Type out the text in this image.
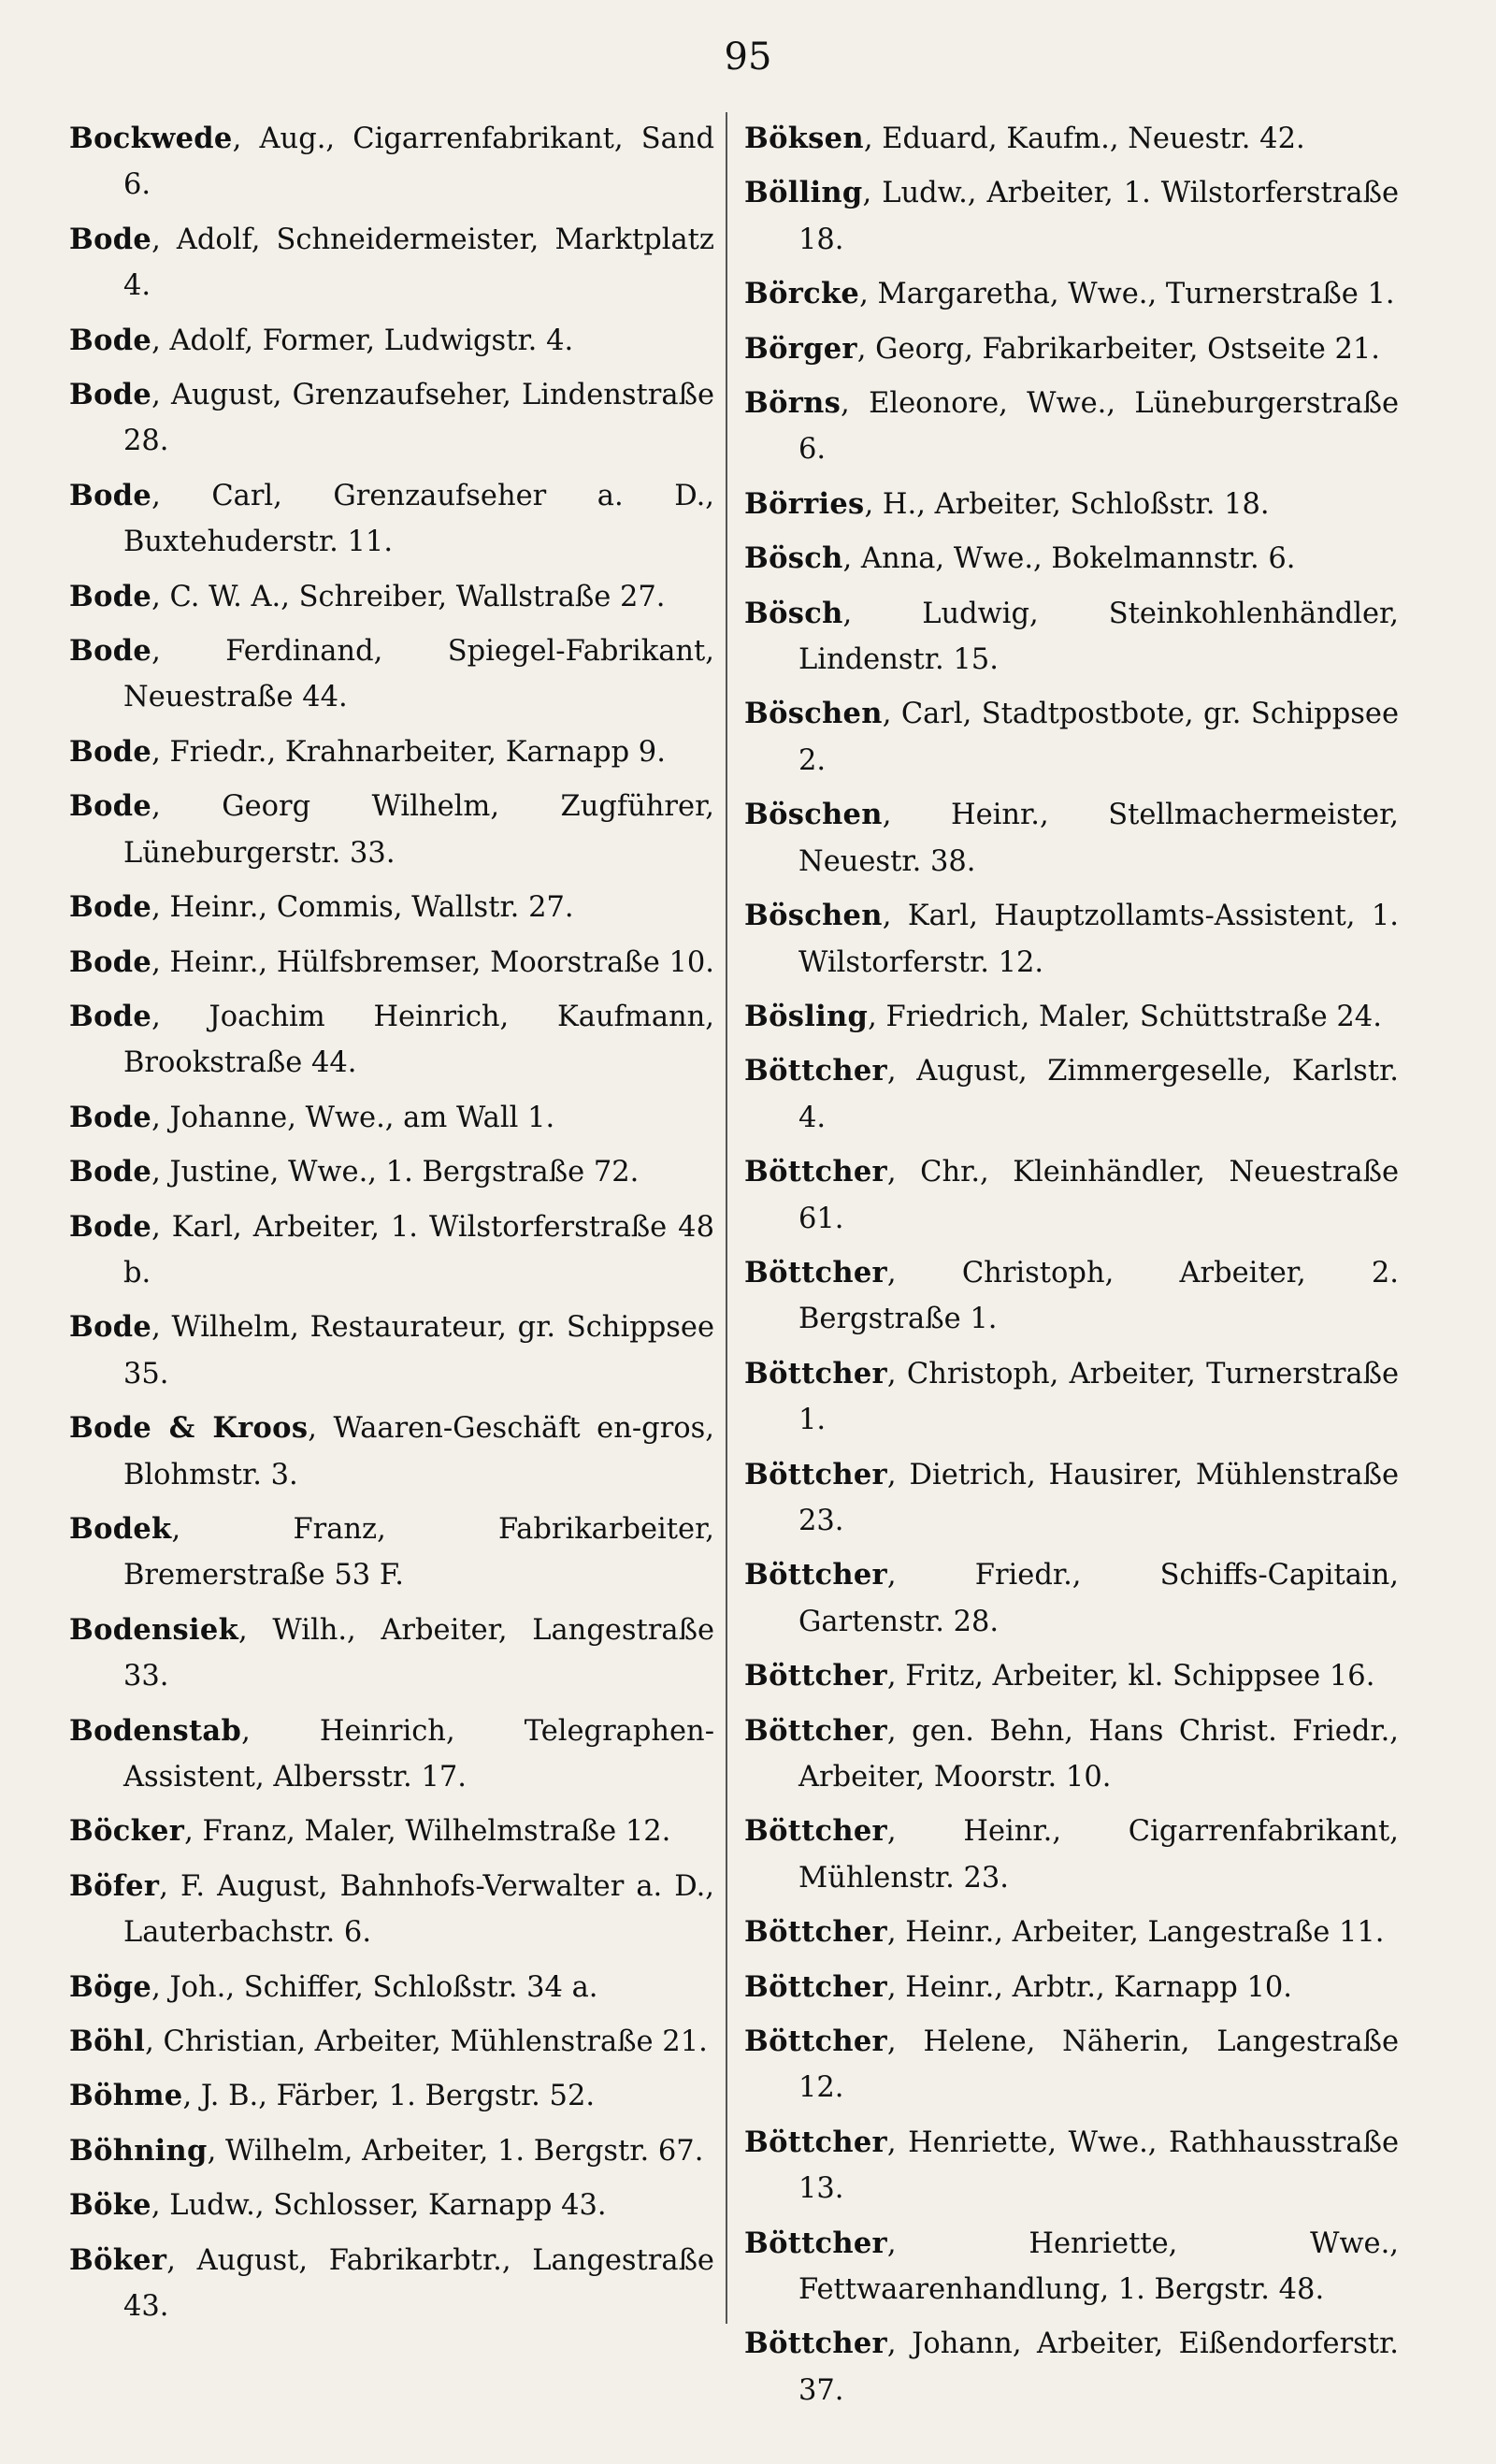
95

Bockwede, Aug., Cigarrenfabrikant, Sand 6.

Bode, Adolf, Schneidermeister, Marktplatz 4.

Bode, Adolf, Former, Ludwigstr. 4.

Bode, August, Grenzaufseher, Lindenstraße 28.

Bode, Carl, Grenzaufseher a. D., Buxtehuderstr. 11.

Bode, C. W. A., Schreiber, Wallstraße 27.

Bode, Ferdinand, Spiegel-Fabrikant, Neuestraße 44.

Bode, Friedr., Krahnarbeiter, Karnapp 9.

Bode, Georg Wilhelm, Zugführer, Lüneburgerstr. 33.

Bode, Heinr., Commis, Wallstr. 27.

Bode, Heinr., Hülfsbremser, Moorstraße 10.

Bode, Joachim Heinrich, Kaufmann, Brookstraße 44.

Bode, Johanne, Wwe., am Wall 1.

Bode, Justine, Wwe., 1. Bergstraße 72.

Bode, Karl, Arbeiter, 1. Wilstorferstraße 48 b.

Bode, Wilhelm, Restaurateur, gr. Schippsee 35.

Bode & Kroos, Waaren-Geschäft en-gros, Blohmstr. 3.

Bodek, Franz, Fabrikarbeiter, Bremerstraße 53 F.

Bodensiek, Wilh., Arbeiter, Langestraße 33.

Bodenstab, Heinrich, Telegraphen-Assistent, Albersstr. 17.

Böcker, Franz, Maler, Wilhelmstraße 12.

Böfer, F. August, Bahnhofs-Verwalter a. D., Lauterbachstr. 6.

Böge, Joh., Schiffer, Schloßstr. 34 a.

Böhl, Christian, Arbeiter, Mühlenstraße 21.

Böhme, J. B., Färber, 1. Bergstr. 52.

Böhning, Wilhelm, Arbeiter, 1. Bergstr. 67.

Böke, Ludw., Schlosser, Karnapp 43.

Böker, August, Fabrikarbtr., Langestraße 43.

Böksen, Eduard, Kaufm., Neuestr. 42.

Bölling, Ludw., Arbeiter, 1. Wilstorferstraße 18.

Börcke, Margaretha, Wwe., Turnerstraße 1.

Börger, Georg, Fabrikarbeiter, Ostseite 21.

Börns, Eleonore, Wwe., Lüneburgerstraße 6.

Börries, H., Arbeiter, Schloßstr. 18.

Bösch, Anna, Wwe., Bokelmannstr. 6.

Bösch, Ludwig, Steinkohlenhändler, Lindenstr. 15.

Böschen, Carl, Stadtpostbote, gr. Schippsee 2.

Böschen, Heinr., Stellmachermeister, Neuestr. 38.

Böschen, Karl, Hauptzollamts-Assistent, 1. Wilstorferstr. 12.

Bösling, Friedrich, Maler, Schüttstraße 24.

Böttcher, August, Zimmergeselle, Karlstr. 4.

Böttcher, Chr., Kleinhändler, Neuestraße 61.

Böttcher, Christoph, Arbeiter, 2. Bergstraße 1.

Böttcher, Christoph, Arbeiter, Turnerstraße 1.

Böttcher, Dietrich, Hausirer, Mühlenstraße 23.

Böttcher, Friedr., Schiffs-Capitain, Gartenstr. 28.

Böttcher, Fritz, Arbeiter, kl. Schippsee 16.

Böttcher, gen. Behn, Hans Christ. Friedr., Arbeiter, Moorstr. 10.

Böttcher, Heinr., Cigarrenfabrikant, Mühlenstr. 23.

Böttcher, Heinr., Arbeiter, Langestraße 11.

Böttcher, Heinr., Arbtr., Karnapp 10.

Böttcher, Helene, Näherin, Langestraße 12.

Böttcher, Henriette, Wwe., Rathhausstraße 13.

Böttcher, Henriette, Wwe., Fettwaarenhandlung, 1. Bergstr. 48.

Böttcher, Johann, Arbeiter, Eißendorferstr. 37.
